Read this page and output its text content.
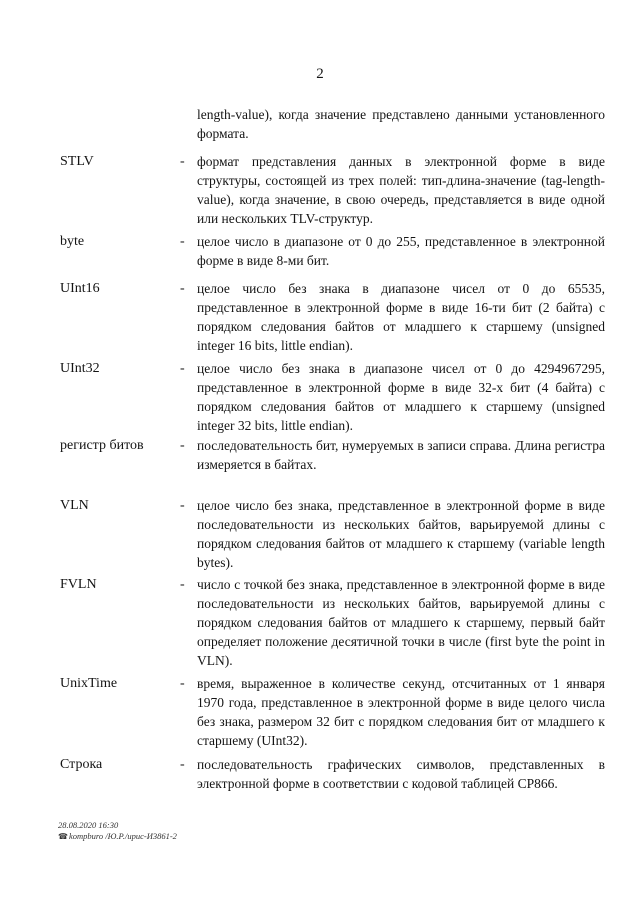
2
length-value), когда значение представлено данными установленного формата.
STLV	- формат представления данных в электронной форме в виде структуры, состоящей из трех полей: тип-длина-значение (tag-length-value), когда значение, в свою очередь, представляется в виде одной или нескольких TLV-структур.
byte	- целое число в диапазоне от 0 до 255, представленное в электронной форме в виде 8-ми бит.
UInt16	- целое число без знака в диапазоне чисел от 0 до 65535, представленное в электронной форме в виде 16-ти бит (2 байта) с порядком следования байтов от младшего к старшему (unsigned integer 16 bits, little endian).
UInt32	- целое число без знака в диапазоне чисел от 0 до 4294967295, представленное в электронной форме в виде 32-х бит (4 байта) с порядком следования байтов от младшего к старшему (unsigned integer 32 bits, little endian).
регистр битов	- последовательность бит, нумеруемых в записи справа. Длина регистра измеряется в байтах.
VLN	- целое число без знака, представленное в электронной форме в виде последовательности из нескольких байтов, варьируемой длины с порядком следования байтов от младшего к старшему (variable length bytes).
FVLN	- число с точкой без знака, представленное в электронной форме в виде последовательности из нескольких байтов, варьируемой длины с порядком следования байтов от младшего к старшему, первый байт определяет положение десятичной точки в числе (first byte the point in VLN).
UnixTime	- время, выраженное в количестве секунд, отсчитанных от 1 января 1970 года, представленное в электронной форме в виде целого числа без знака, размером 32 бит с порядком следования бит от младшего к старшему (UInt32).
Строка	- последовательность графических символов, представленных в электронной форме в соответствии с кодовой таблицей CP866.
28.08.2020 16:30
☎kompburo /Ю.Р./ирис-И3861-2
